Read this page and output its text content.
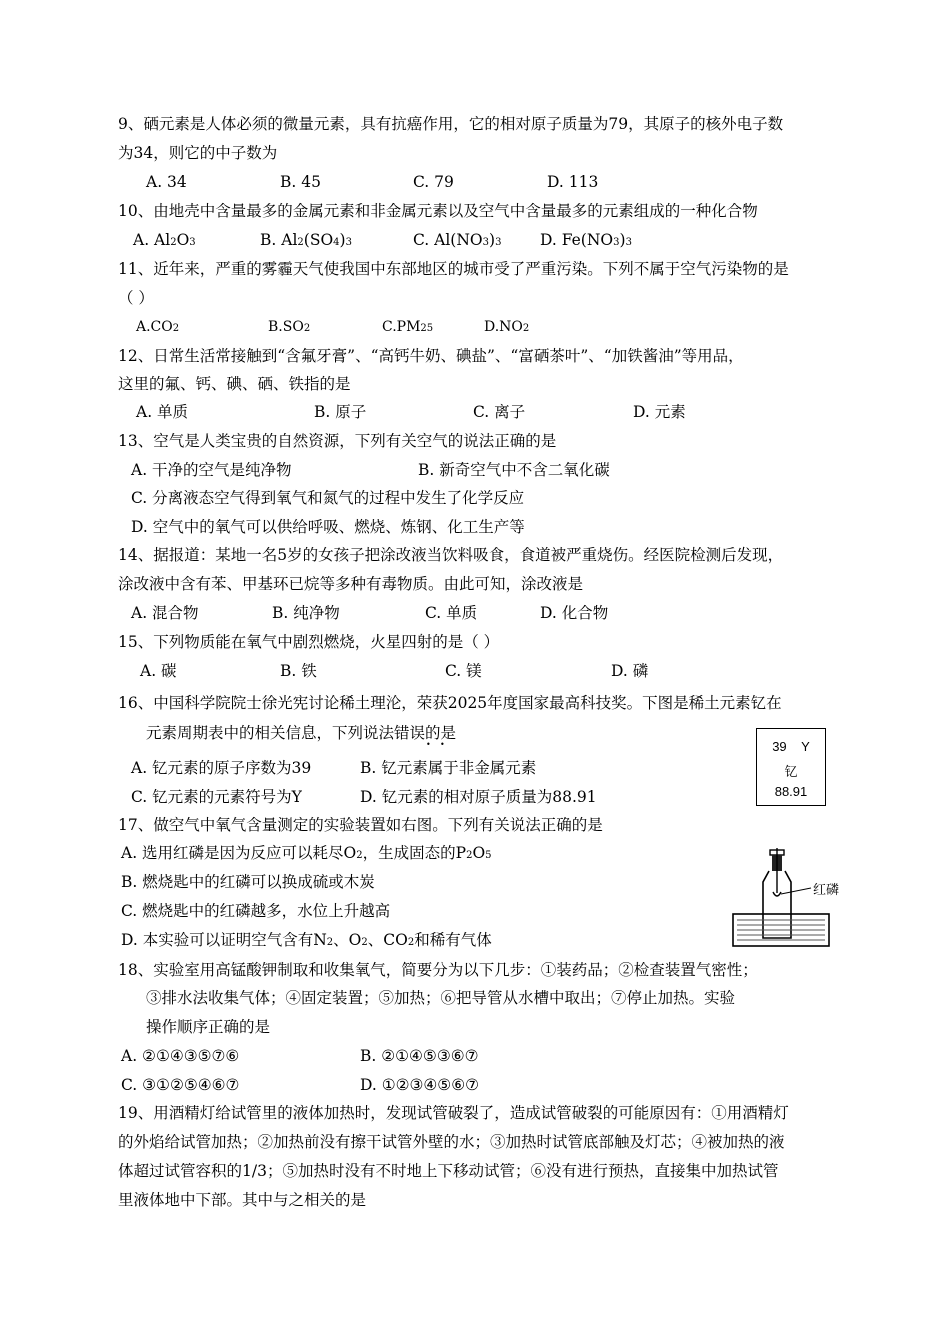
9、硒元素是人体必须的微量元素，具有抗癌作用，它的相对原子质量为79，其原子的核外电子数
为34，则它的中子数为
A. 34	B. 45	C. 79	D. 113
10、由地壳中含量最多的金属元素和非金属元素以及空气中含量最多的元素组成的一种化合物
A. Al2O3	B. Al2(SO4)3	C. Al(NO3)3 D. Fe(NO3)3
11、近年来，严重的雾霾天气使我国中东部地区的城市受了严重污染。下列不属于空气污染物的是
（ ）
A.CO2	B.SO2	C.PM25	D.NO2
12、日常生活常接触到“含氟牙膏”、“高钙牛奶、碘盐”、“富硒茶叶”、“加铁酱油”等用品，
这里的氟、钙、碘、硒、铁指的是
A. 单质	B. 原子	C. 离子	D. 元素
13、空气是人类宝贵的自然资源，下列有关空气的说法正确的是
A. 干净的空气是纯净物	B. 新奇空气中不含二氧化碳
C. 分离液态空气得到氧气和氮气的过程中发生了化学反应
D. 空气中的氧气可以供给呼吸、燃烧、炼钢、化工生产等
14、据报道：某地一名5岁的女孩子把涂改液当饮料吸食，食道被严重烧伤。经医院检测后发现，
涂改液中含有苯、甲基环已烷等多种有毒物质。由此可知，涂改液是
A. 混合物	B. 纯净物	C. 单质	D. 化合物
15、下列物质能在氧气中剧烈燃烧，火星四射的是（ ）
A. 碳	B. 铁	C. 镁	D. 磷
16、中国科学院院士徐光宪讨论稀土理沦，荣获2025年度国家最高科技奖。下图是稀土元素钇在
元素周期表中的相关信息，下列说法错误的是
• •
A. 钇元素的原子序数为39	B. 钇元素属于非金属元素
C. 钇元素的元素符号为Y	D. 钇元素的相对原子质量为88.91
39 Y
钇
88.91
17、做空气中氧气含量测定的实验装置如右图。下列有关说法正确的是
A. 选用红磷是因为反应可以耗尽O2，生成固态的P2O5
B. 燃烧匙中的红磷可以换成硫或木炭
C. 燃烧匙中的红磷越多，水位上升越高
D. 本实验可以证明空气含有N2、O2、CO2和稀有气体
红磷
18、实验室用高锰酸钾制取和收集氧气，简要分为以下几步：①装药品；②检查装置气密性；
③排水法收集气体；④固定装置；⑤加热；⑥把导管从水槽中取出；⑦停止加热。实验
操作顺序正确的是
A. ②①④③⑤⑦⑥	B. ②①④⑤③⑥⑦
C. ③①②⑤④⑥⑦	D. ①②③④⑤⑥⑦
19、用酒精灯给试管里的液体加热时，发现试管破裂了，造成试管破裂的可能原因有：①用酒精灯
的外焰给试管加热；②加热前没有擦干试管外壁的水；③加热时试管底部触及灯芯；④被加热的液
体超过试管容积的1/3；⑤加热时没有不时地上下移动试管；⑥没有进行预热，直接集中加热试管
里液体地中下部。其中与之相关的是
